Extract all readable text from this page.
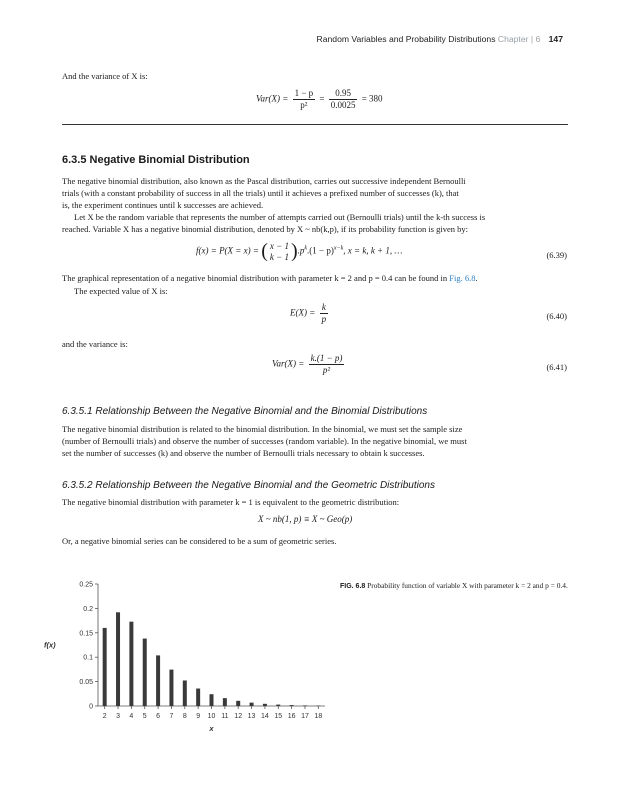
Random Variables and Probability Distributions Chapter | 6 147
And the variance of X is:
$Var(X) = \frac{1 - p}{\text{p²}} = \frac{0.95}{0.0025} = 380$
6.3.5 Negative Binomial Distribution
The negative binomial distribution, also known as the Pascal distribution, carries out successive independent Bernoulli
trials (with a constant probability of success in all the trials) until it achieves a prefixed number of successes (k), that
is, the experiment continues until k successes are achieved.
Let X be the random variable that represents the number of attempts carried out (Bernoulli trials) until the k-th success is
reached. Variable X has a negative binomial distribution, denoted by X ~ nb(k,p), if its probability function is given by:
f(x) = P(X = x) = ( x − 1
k − 1 )$.p^k.(1 - p)^{x-k}$, x = k, k + 1, …	(6.39)
The graphical representation of a negative binomial distribution with parameter k = 2 and p = 0.4 can be found in Fig. 6.8.
The expected value of X is:
$E(X) = \frac{k}{p}$	(6.40)
and the variance is:
$Var(X) = \frac{k.(1 - p)}{\text{p²}}$	(6.41)
6.3.5.1 Relationship Between the Negative Binomial and the Binomial Distributions
The negative binomial distribution is related to the binomial distribution. In the binomial, we must set the sample size
(number of Bernoulli trials) and observe the number of successes (random variable). In the negative binomial, we must
set the number of successes (k) and observe the number of Bernoulli trials necessary to obtain k successes.
6.3.5.2 Relationship Between the Negative Binomial and the Geometric Distributions
The negative binomial distribution with parameter k = 1 is equivalent to the geometric distribution:
X ~ nb(1, p) ≡ X ~ Geo(p)
Or, a negative binomial series can be considered to be a sum of geometric series.
0
0.05
0.1
0.15
0.2
0.25
2 3 4 5 6 7 8 9 10 11 12 13 14 15 16 17 18
x
f(x)
FIG. 6.8 Probability function of variable X with parameter k = 2 and p = 0.4.
